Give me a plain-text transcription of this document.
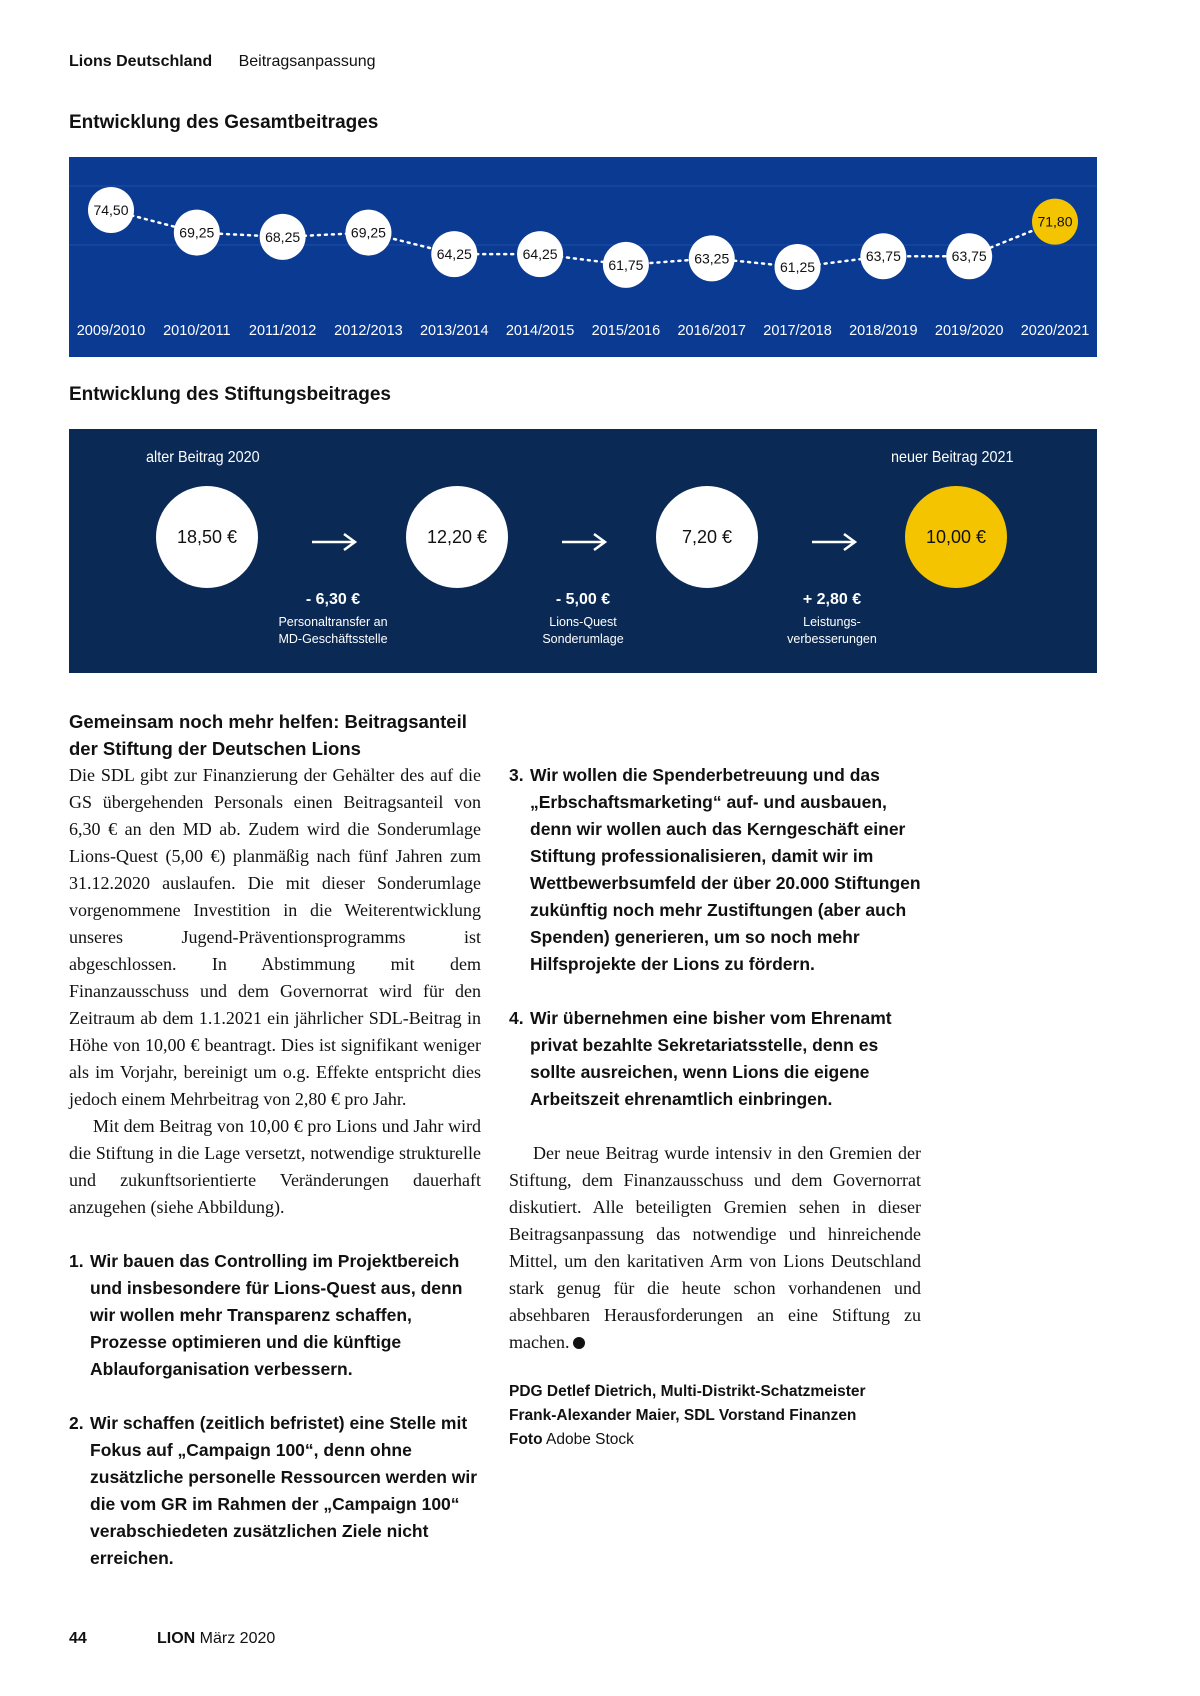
Lions Deutschland Beitragsanpassung
Entwicklung des Gesamtbeitrages
74,50
2009/2010
69,25
2010/2011
68,25
2011/2012
69,25
2012/2013
64,25
2013/2014
64,25
2014/2015
61,75
2015/2016
63,25
2016/2017
61,25
2017/2018
63,75
2018/2019
63,75
2019/2020
71,80
2020/2021
Entwicklung des Stiftungsbeitrages
alter Beitrag 2020	neuer Beitrag 2021
18,50 €	12,20 €	7,20 €	10,00 €
- 6,30 €
Personaltransfer an
MD-Geschäftsstelle
- 5,00 €
Lions-Quest
Sonderumlage
+ 2,80 €
Leistungs-
verbesserungen
Gemeinsam noch mehr helfen: Beitragsanteil der Stiftung der Deutschen Lions

Die SDL gibt zur Finanzierung der Gehälter des auf die GS übergehenden Personals einen Beitragsanteil von 6,30 € an den MD ab. Zudem wird die Sonderumlage Lions-Quest (5,00 €) planmäßig nach fünf Jahren zum 31.12.2020 auslaufen. Die mit dieser Sonderumlage vorgenommene Investition in die Weiterentwicklung unseres Jugend-Präventionsprogramms ist abgeschlossen. In Abstimmung mit dem Finanzausschuss und dem Governorrat wird für den Zeitraum ab dem 1.1.2021 ein jährlicher SDL-Beitrag in Höhe von 10,00 € beantragt. Dies ist signifikant weniger als im Vorjahr, bereinigt um o.g. Effekte entspricht dies jedoch einem Mehrbeitrag von 2,80 € pro Jahr.

Mit dem Beitrag von 10,00 € pro Lions und Jahr wird die Stiftung in die Lage versetzt, notwendige strukturelle und zukunftsorientierte Veränderungen dauerhaft anzugehen (siehe Abbildung).

1. Wir bauen das Controlling im Projektbereich und insbesondere für Lions-Quest aus, denn wir wollen mehr Transparenz schaffen, Prozesse optimieren und die künftige Ablauforganisation verbessern.
2. Wir schaffen (zeitlich befristet) eine Stelle mit Fokus auf „Campaign 100“, denn ohne zusätzliche personelle Ressourcen werden wir die vom GR im Rahmen der „Campaign 100“ verabschiedeten zusätzlichen Ziele nicht erreichen.
3. Wir wollen die Spenderbetreuung und das „Erbschaftsmarketing“ auf- und ausbauen, denn wir wollen auch das Kerngeschäft einer Stiftung professionalisieren, damit wir im Wettbewerbsumfeld der über 20.000 Stiftungen zukünftig noch mehr Zustiftungen (aber auch Spenden) generieren, um so noch mehr Hilfsprojekte der Lions zu fördern.
4. Wir übernehmen eine bisher vom Ehrenamt privat bezahlte Sekretariatsstelle, denn es sollte ausreichen, wenn Lions die eigene Arbeitszeit ehrenamtlich einbringen.

Der neue Beitrag wurde intensiv in den Gremien der Stiftung, dem Finanzausschuss und dem Governorrat diskutiert. Alle beteiligten Gremien sehen in dieser Beitragsanpassung das notwendige und hinreichende Mittel, um den karitativen Arm von Lions Deutschland stark genug für die heute schon vorhandenen und absehbaren Herausforderungen an eine Stiftung zu machen.

PDG Detlef Dietrich, Multi-Distrikt-Schatzmeister
Frank-Alexander Maier, SDL Vorstand Finanzen
Foto Adobe Stock
44	LION März 2020
